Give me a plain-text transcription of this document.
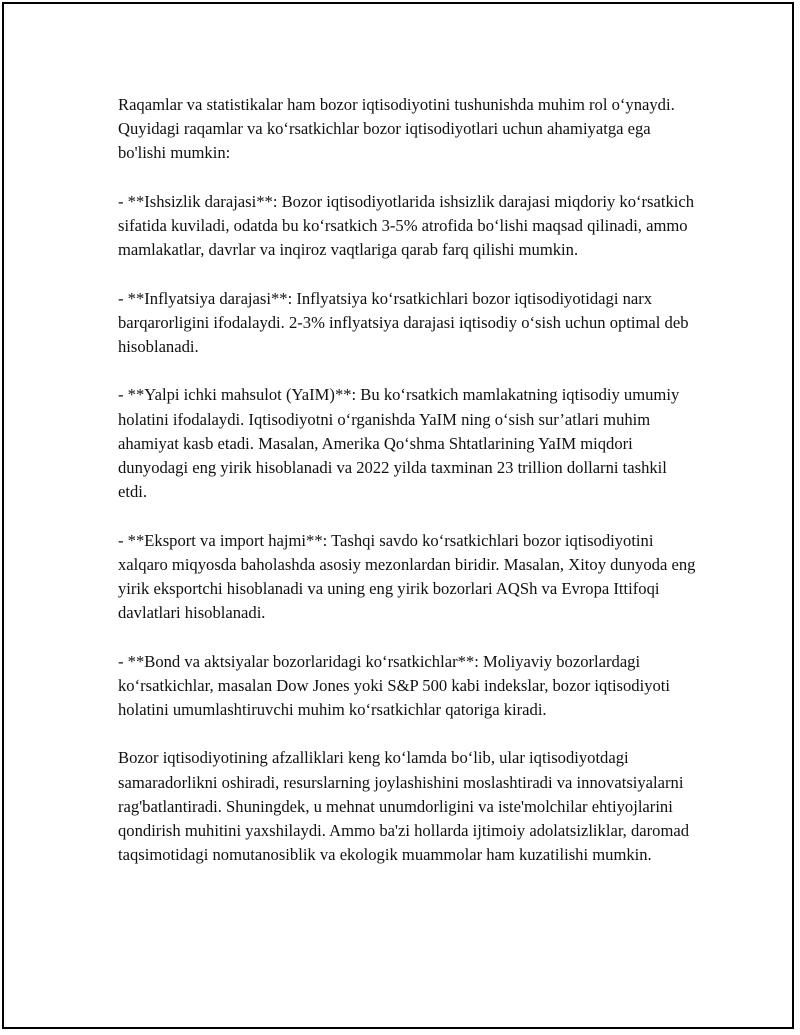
Raqamlar va statistikalar ham bozor iqtisodiyotini tushunishda muhim rol o‘ynaydi. Quyidagi raqamlar va ko‘rsatkichlar bozor iqtisodiyotlari uchun ahamiyatga ega bo'lishi mumkin:

- **Ishsizlik darajasi**: Bozor iqtisodiyotlarida ishsizlik darajasi miqdoriy ko‘rsatkich sifatida kuviladi, odatda bu ko‘rsatkich 3-5% atrofida bo‘lishi maqsad qilinadi, ammo mamlakatlar, davrlar va inqiroz vaqtlariga qarab farq qilishi mumkin.

- **Inflyatsiya darajasi**: Inflyatsiya ko‘rsatkichlari bozor iqtisodiyotidagi narx barqarorligini ifodalaydi. 2-3% inflyatsiya darajasi iqtisodiy o‘sish uchun optimal deb hisoblanadi.

- **Yalpi ichki mahsulot (YaIM)**: Bu ko‘rsatkich mamlakatning iqtisodiy umumiy holatini ifodalaydi. Iqtisodiyotni o‘rganishda YaIM ning o‘sish sur’atlari muhim ahamiyat kasb etadi. Masalan, Amerika Qo‘shma Shtatlarining YaIM miqdori dunyodagi eng yirik hisoblanadi va 2022 yilda taxminan 23 trillion dollarni tashkil etdi.

- **Eksport va import hajmi**: Tashqi savdo ko‘rsatkichlari bozor iqtisodiyotini xalqaro miqyosda baholashda asosiy mezonlardan biridir. Masalan, Xitoy dunyoda eng yirik eksportchi hisoblanadi va uning eng yirik bozorlari AQSh va Evropa Ittifoqi davlatlari hisoblanadi.

- **Bond va aktsiyalar bozorlaridagi ko‘rsatkichlar**: Moliyaviy bozorlardagi ko‘rsatkichlar, masalan Dow Jones yoki S&P 500 kabi indekslar, bozor iqtisodiyoti holatini umumlashtiruvchi muhim ko‘rsatkichlar qatoriga kiradi.

Bozor iqtisodiyotining afzalliklari keng ko‘lamda bo‘lib, ular iqtisodiyotdagi samaradorlikni oshiradi, resurslarning joylashishini moslashtiradi va innovatsiyalarni rag'batlantiradi. Shuningdek, u mehnat unumdorligini va iste'molchilar ehtiyojlarini qondirish muhitini yaxshilaydi. Ammo ba'zi hollarda ijtimoiy adolatsizliklar, daromad taqsimotidagi nomutanosiblik va ekologik muammolar ham kuzatilishi mumkin.
